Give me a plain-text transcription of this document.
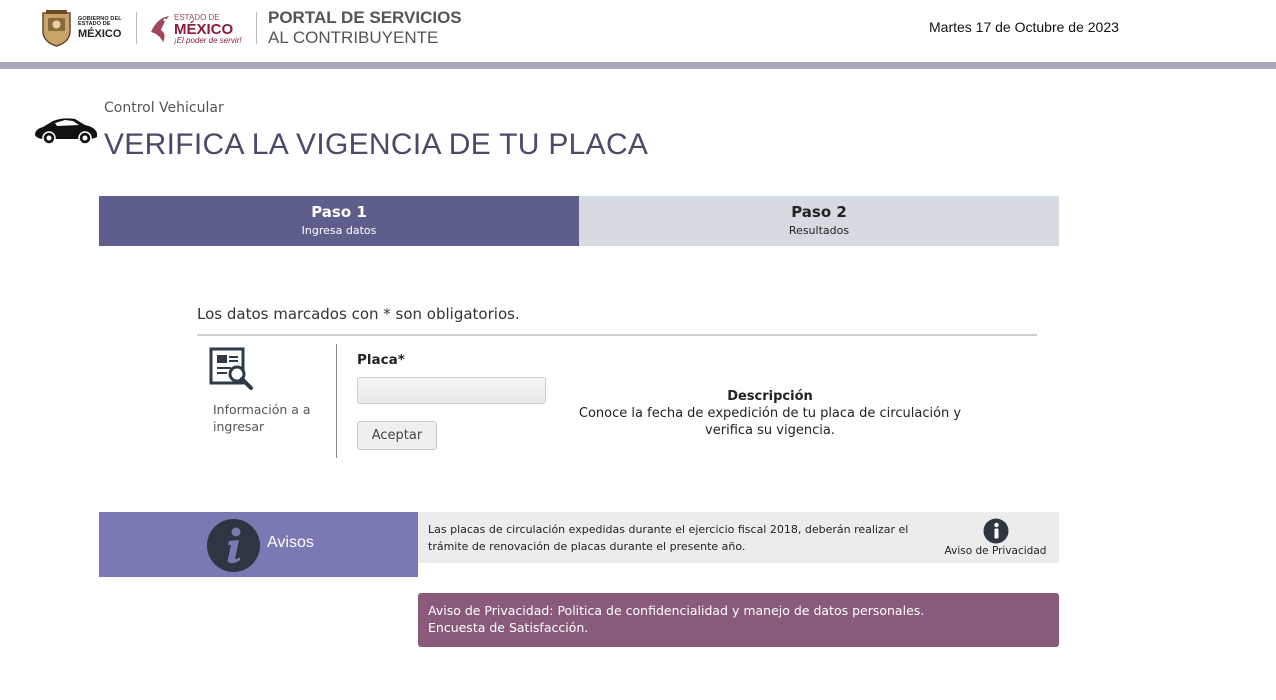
GOBIERNO DEL
ESTADO DE
MÉXICO
ESTADO DE
MÉXICO
¡El poder de servir!
PORTAL DE SERVICIOS
AL CONTRIBUYENTE
Martes 17 de Octubre de 2023
Control Vehicular
VERIFICA LA VIGENCIA DE TU PLACA
Paso 1
Ingresa datos
Paso 2
Resultados
Los datos marcados con * son obligatorios.
Información a a ingresar
Placa*
Aceptar
Descripción
Conoce la fecha de expedición de tu placa de circulación y verifica su vigencia.
Avisos
Las placas de circulación expedidas durante el ejercicio fiscal 2018, deberán realizar el trámite de renovación de placas durante el presente año.	Aviso de Privacidad
Aviso de Privacidad: Politica de confidencialidad y manejo de datos personales.
Encuesta de Satisfacción.
